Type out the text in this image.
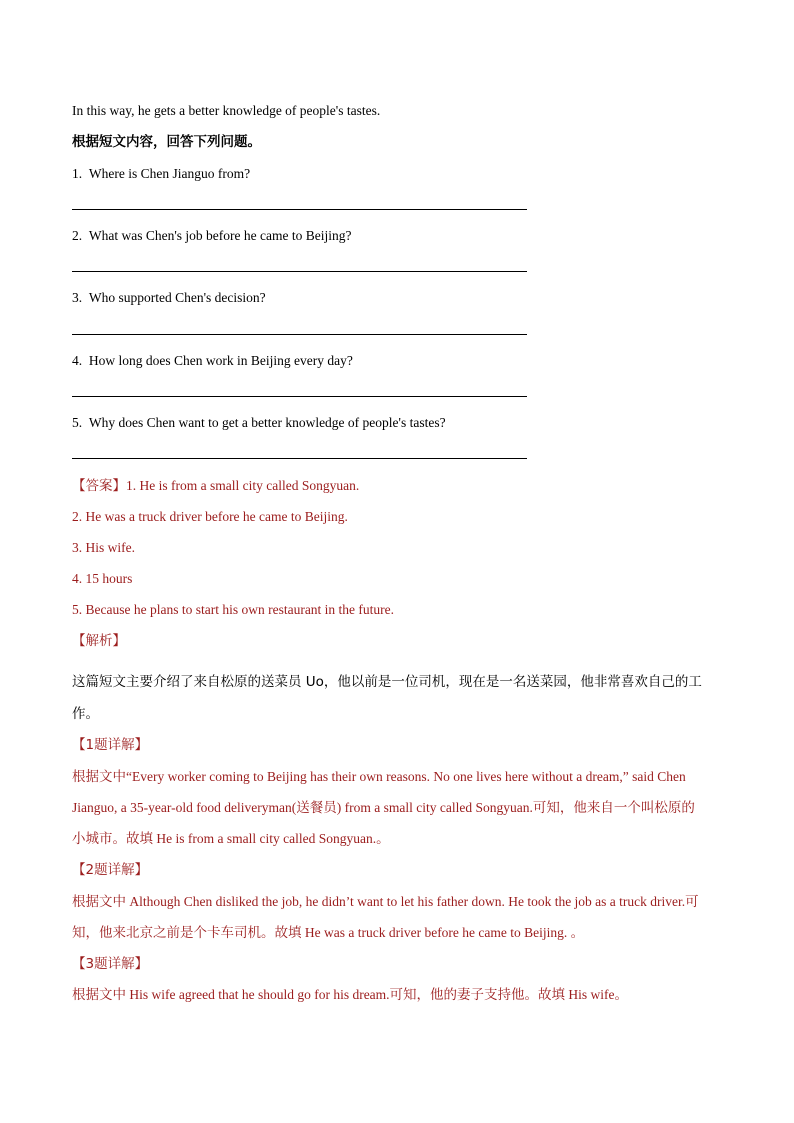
In this way, he gets a better knowledge of people's tastes.
根据短文内容，回答下列问题。
1. Where is Chen Jianguo from?
2. What was Chen's job before he came to Beijing?
3. Who supported Chen's decision?
4. How long does Chen work in Beijing every day?
5. Why does Chen want to get a better knowledge of people's tastes?
【答案】1. He is from a small city called Songyuan.
2. He was a truck driver before he came to Beijing.
3. His wife.
4. 15 hours
5. Because he plans to start his own restaurant in the future.
【解析】
这篇短文主要介绍了来自松原的送菜员 Uo，他以前是一位司机，现在是一名送菜园，他非常喜欢自己的工作。
【1题详解】
根据文中“Every worker coming to Beijing has their own reasons. No one lives here without a dream,” said Chen
Jianguo, a 35-year-old food deliveryman(送餐员) from a small city called Songyuan.可知，他来自一个叫松原的
小城市。故填 He is from a small city called Songyuan.。
【2题详解】
根据文中 Although Chen disliked the job, he didn’t want to let his father down. He took the job as a truck driver.可
知，他来北京之前是个卡车司机。故填 He was a truck driver before he came to Beijing. 。
【3题详解】
根据文中 His wife agreed that he should go for his dream.可知，他的妻子支持他。故填 His wife。
